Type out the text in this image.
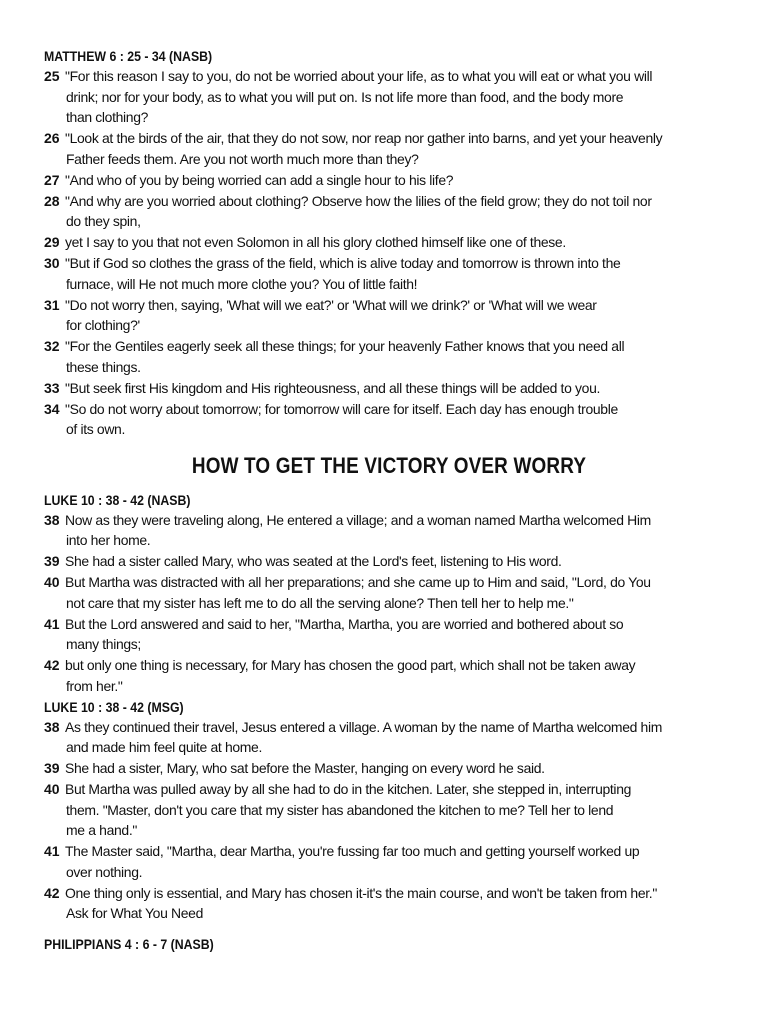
MATTHEW 6 : 25 - 34 (NASB)
25 "For this reason I say to you, do not be worried about your life, as to what you will eat or what you will
drink; nor for your body, as to what you will put on. Is not life more than food, and the body more
than clothing?
26 "Look at the birds of the air, that they do not sow, nor reap nor gather into barns, and yet your heavenly
Father feeds them. Are you not worth much more than they?
27 "And who of you by being worried can add a single hour to his life?
28 "And why are you worried about clothing? Observe how the lilies of the field grow; they do not toil nor
do they spin,
29 yet I say to you that not even Solomon in all his glory clothed himself like one of these.
30 "But if God so clothes the grass of the field, which is alive today and tomorrow is thrown into the
furnace, will He not much more clothe you? You of little faith!
31 "Do not worry then, saying, 'What will we eat?' or 'What will we drink?' or 'What will we wear
for clothing?'
32 "For the Gentiles eagerly seek all these things; for your heavenly Father knows that you need all
these things.
33 "But seek first His kingdom and His righteousness, and all these things will be added to you.
34 "So do not worry about tomorrow; for tomorrow will care for itself. Each day has enough trouble
of its own.
HOW TO GET THE VICTORY OVER WORRY
LUKE 10 : 38 - 42 (NASB)
38 Now as they were traveling along, He entered a village; and a woman named Martha welcomed Him
into her home.
39 She had a sister called Mary, who was seated at the Lord's feet, listening to His word.
40 But Martha was distracted with all her preparations; and she came up to Him and said, "Lord, do You
not care that my sister has left me to do all the serving alone? Then tell her to help me."
41 But the Lord answered and said to her, "Martha, Martha, you are worried and bothered about so
many things;
42 but only one thing is necessary, for Mary has chosen the good part, which shall not be taken away
from her."
LUKE 10 : 38 - 42 (MSG)
38 As they continued their travel, Jesus entered a village. A woman by the name of Martha welcomed him
and made him feel quite at home.
39 She had a sister, Mary, who sat before the Master, hanging on every word he said.
40 But Martha was pulled away by all she had to do in the kitchen. Later, she stepped in, interrupting
them. "Master, don't you care that my sister has abandoned the kitchen to me? Tell her to lend
me a hand."
41 The Master said, "Martha, dear Martha, you're fussing far too much and getting yourself worked up
over nothing.
42 One thing only is essential, and Mary has chosen it-it's the main course, and won't be taken from her."
Ask for What You Need
PHILIPPIANS 4 : 6 - 7 (NASB)
